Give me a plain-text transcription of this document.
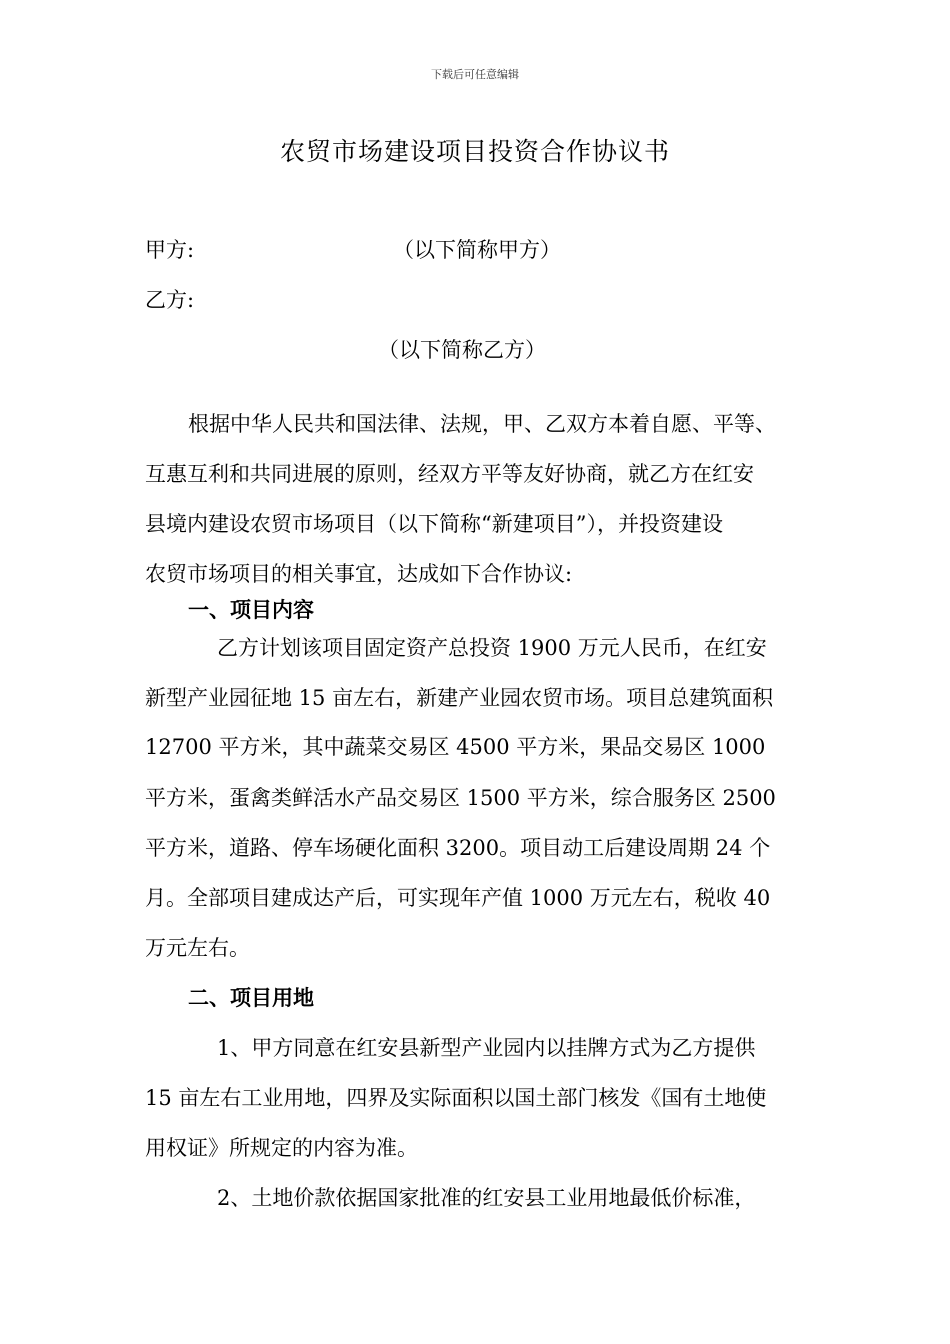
下载后可任意编辑
农贸市场建设项目投资合作协议书
甲方:	（以下简称甲方）
乙方:
（以下简称乙方）
根据中华人民共和国法律、法规，甲、乙双方本着自愿、平等、
互惠互利和共同进展的原则，经双方平等友好协商，就乙方在红安
县境内建设农贸市场项目（以下简称“新建项目”），并投资建设
农贸市场项目的相关事宜，达成如下合作协议:
一、项目内容
乙方计划该项目固定资产总投资 1900 万元人民币，在红安
新型产业园征地 15 亩左右，新建产业园农贸市场。项目总建筑面积
12700 平方米，其中蔬菜交易区 4500 平方米，果品交易区 1000
平方米，蛋禽类鲜活水产品交易区 1500 平方米，综合服务区 2500
平方米，道路、停车场硬化面积 3200。项目动工后建设周期 24 个
月。全部项目建成达产后，可实现年产值 1000 万元左右，税收 40
万元左右。
二、项目用地
1、甲方同意在红安县新型产业园内以挂牌方式为乙方提供
15 亩左右工业用地，四界及实际面积以国土部门核发《国有土地使
用权证》所规定的内容为准。
2、土地价款依据国家批准的红安县工业用地最低价标准，
